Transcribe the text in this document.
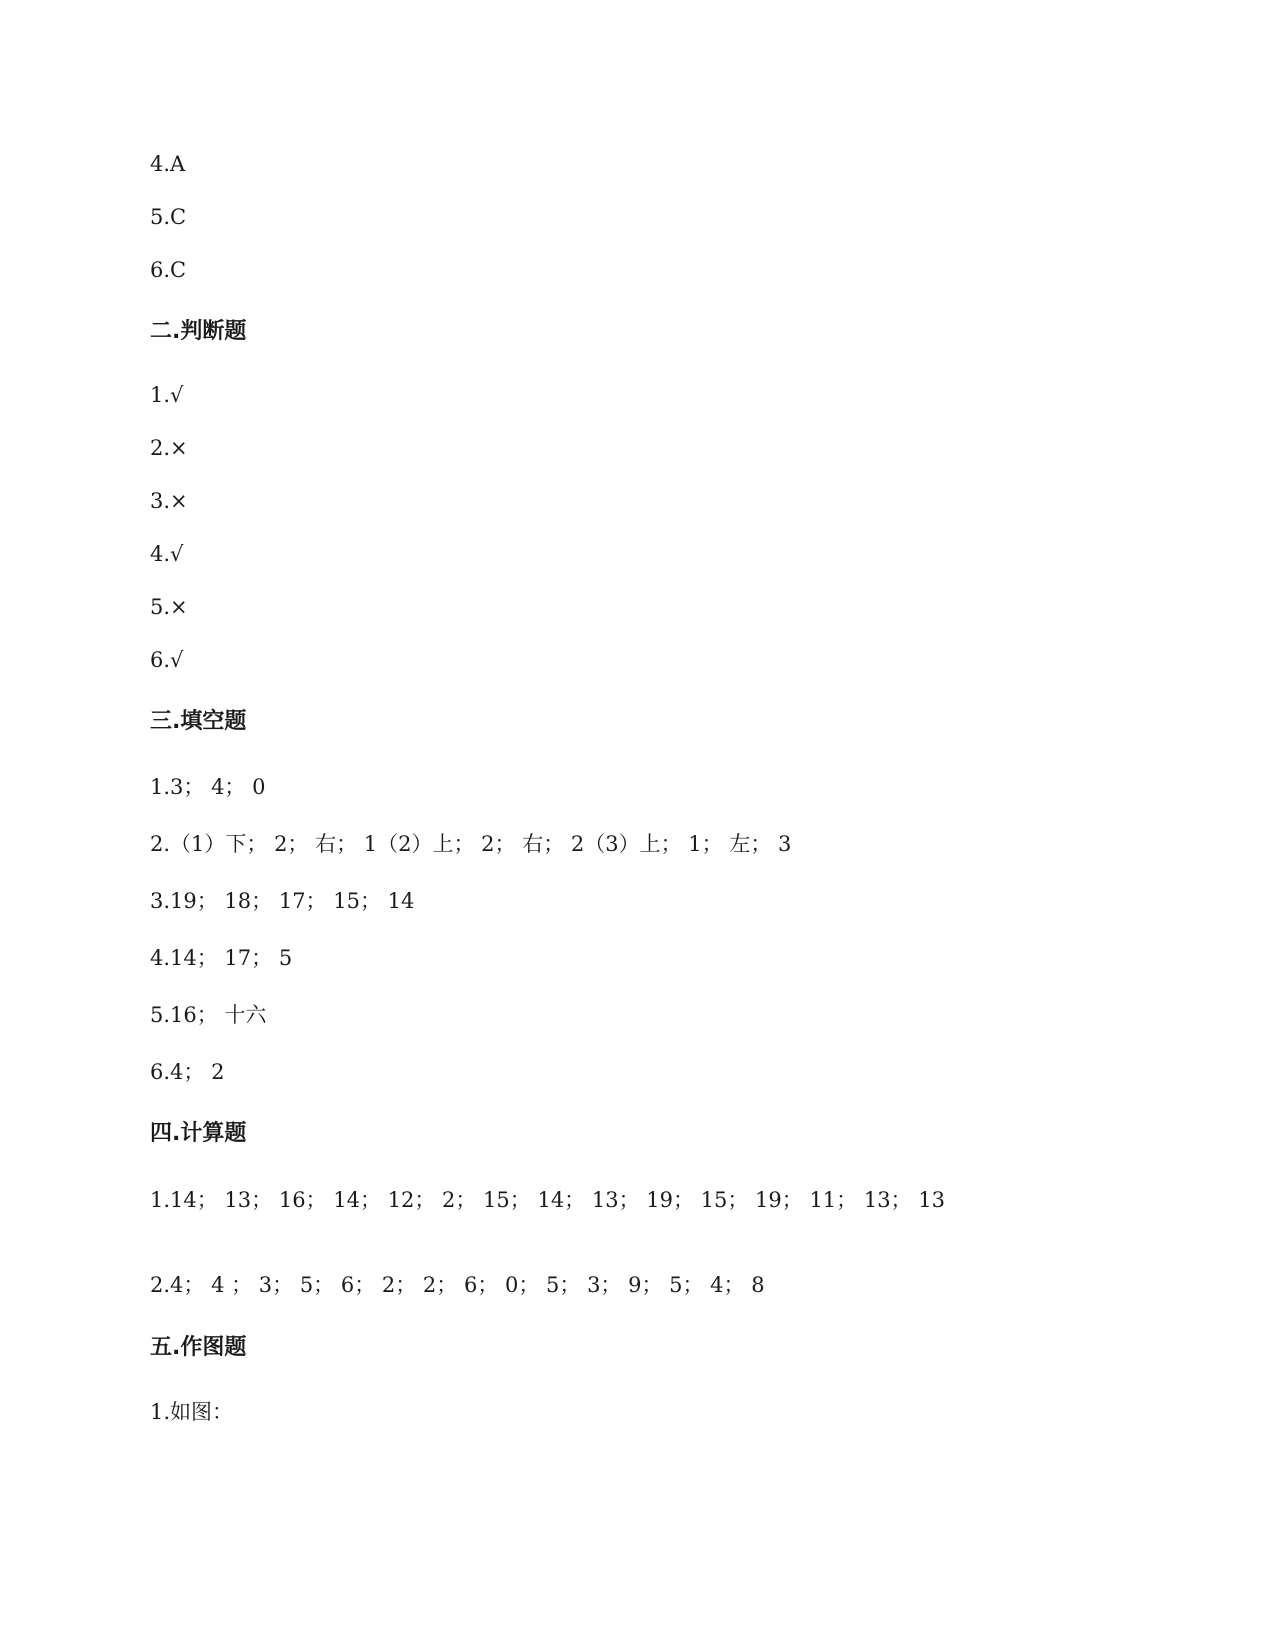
4.A
5.C
6.C
二.判断题
1.√
2.×
3.×
4.√
5.×
6.√
三.填空题
1.3； 4； 0
2.（1）下； 2； 右； 1（2）上； 2； 右； 2（3）上； 1； 左； 3
3.19； 18； 17； 15； 14
4.14； 17； 5
5.16； 十六
6.4； 2
四.计算题
1.14； 13； 16； 14； 12； 2； 15； 14； 13； 19； 15； 19； 11； 13； 13
2.4； 4 ； 3； 5； 6； 2； 2； 6； 0； 5； 3； 9； 5； 4； 8
五.作图题
1.如图：
